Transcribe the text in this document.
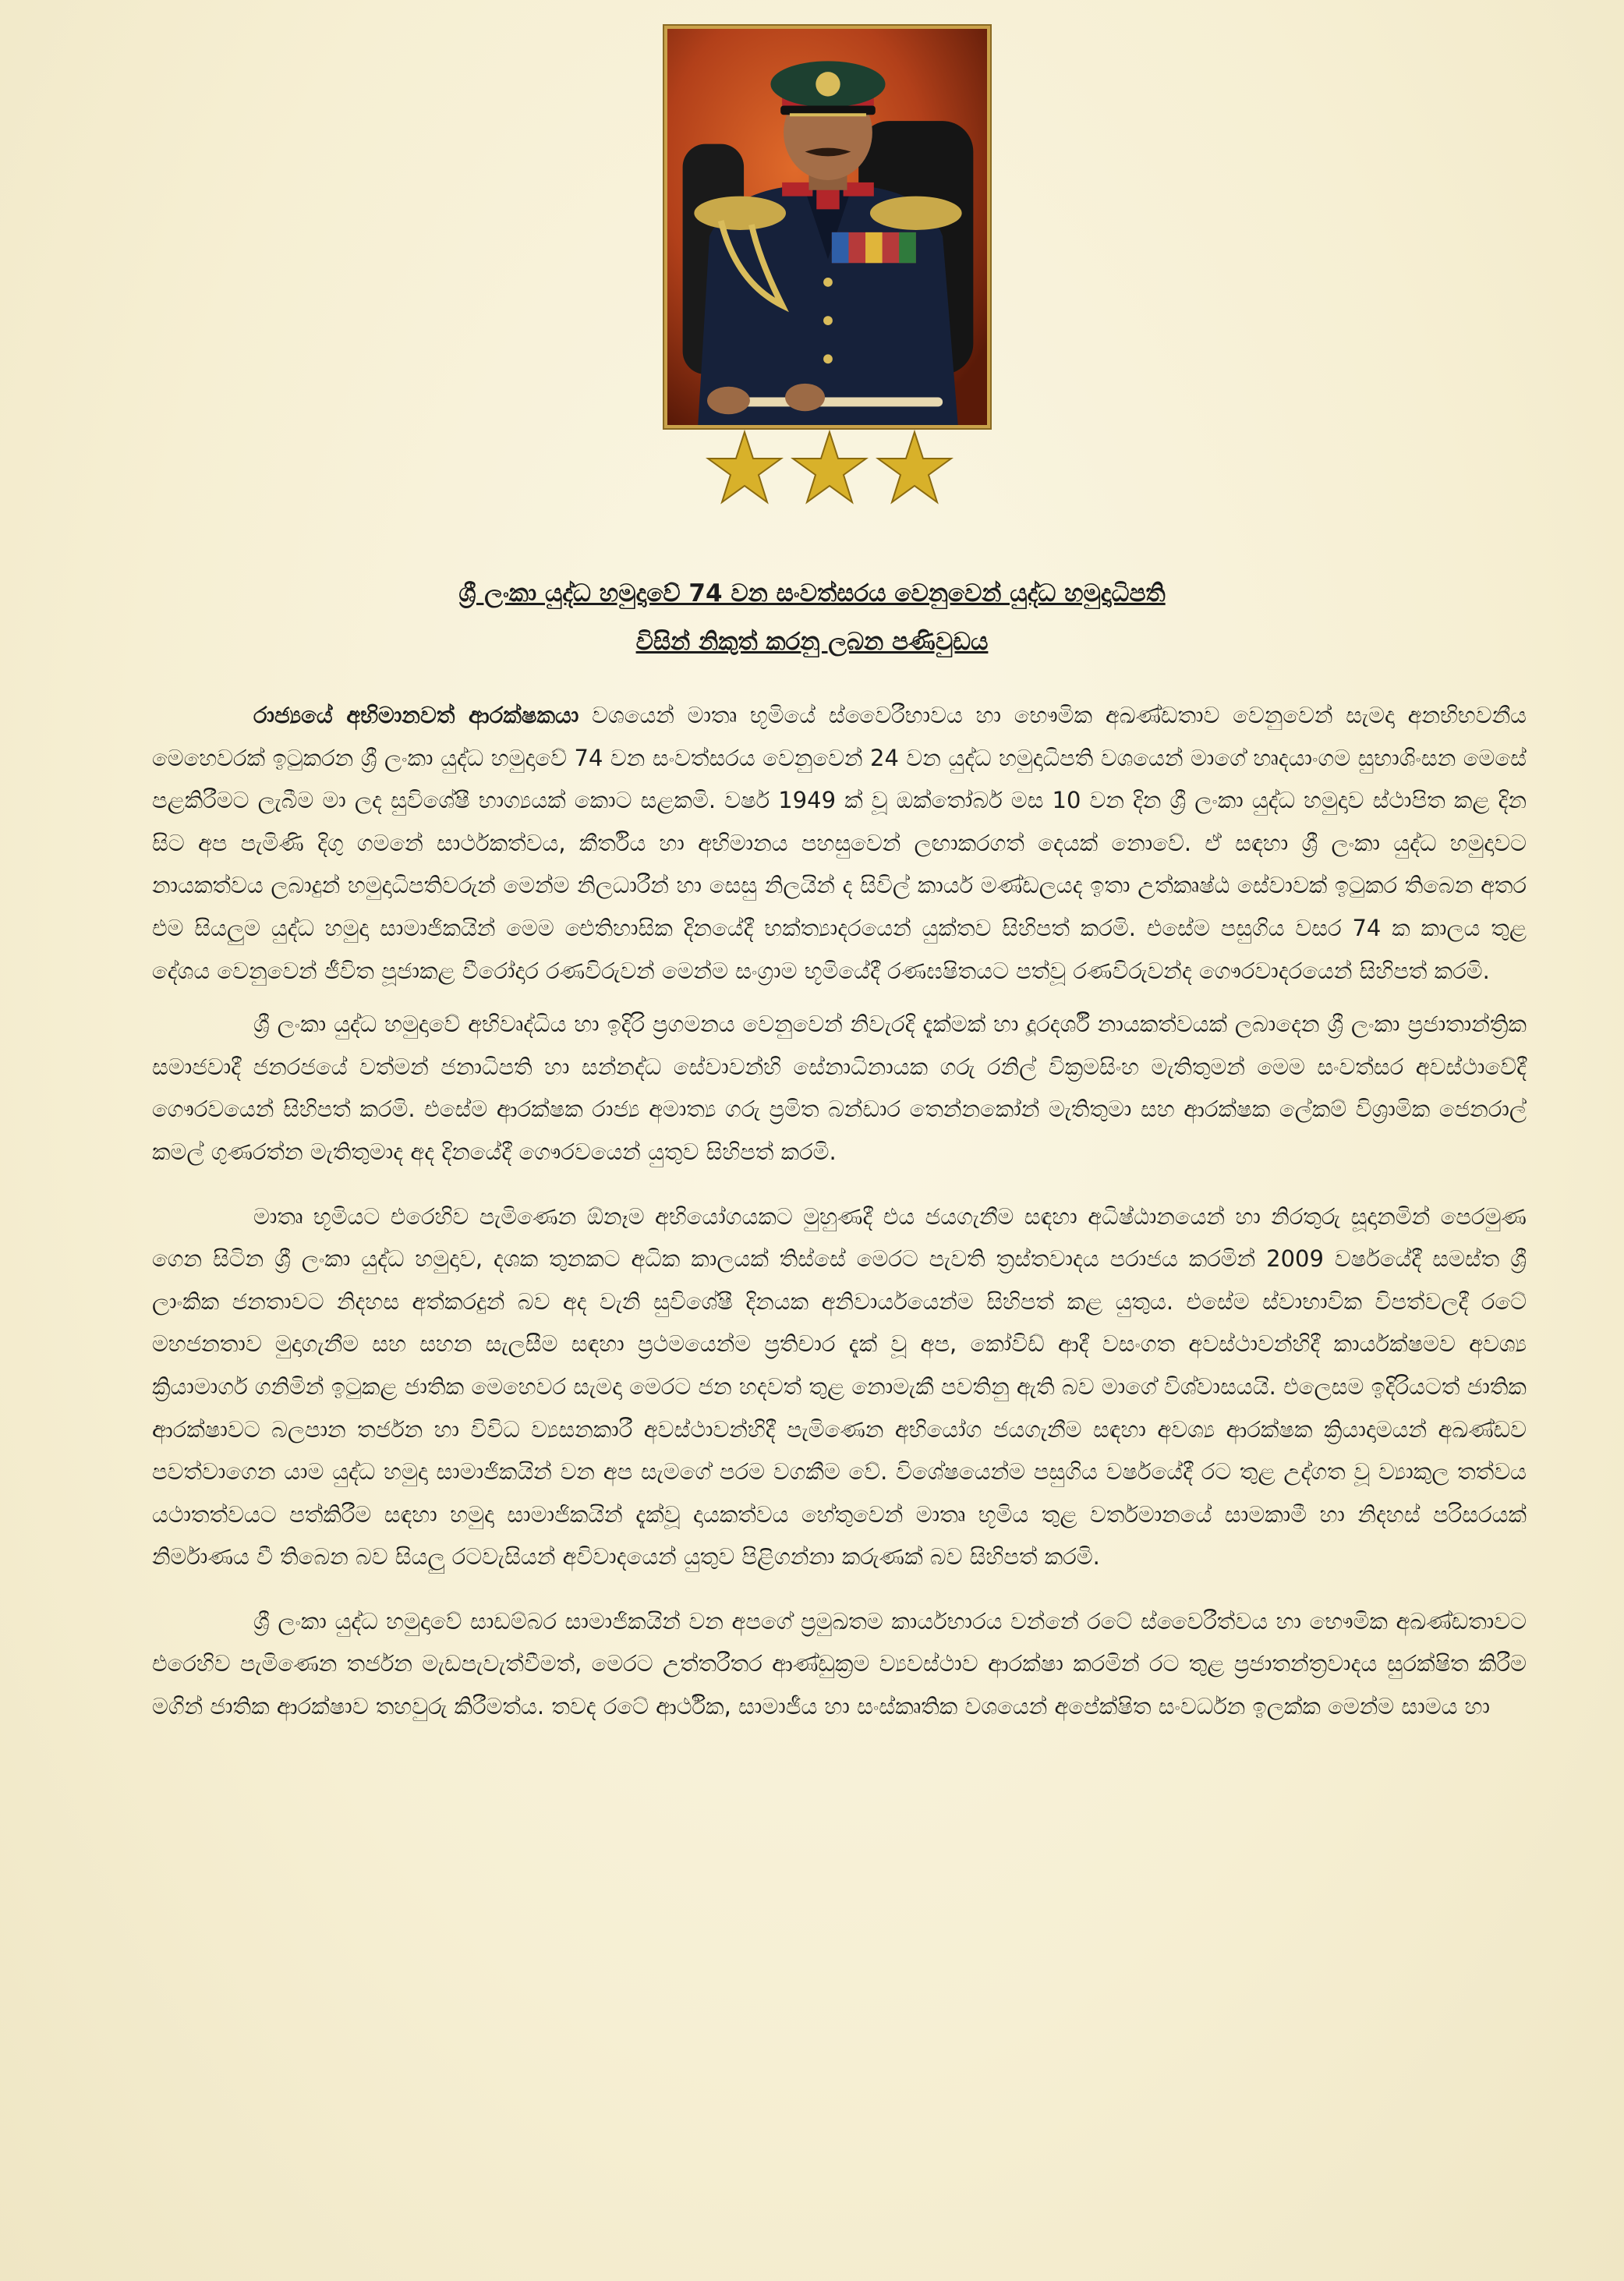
ශ්‍රී ලංකා යුද්ධ හමුදාවේ 74 වන සංවත්සරය වෙනුවෙන් යුද්ධ හමුදාධිපති
විසින් නිකුත් කරනු ලබන පණිවුඩය

රාජ්‍යයේ අභිමානවත් ආරක්ෂකයා වශයෙන් මාතෘ භූමියේ ස්වෛරීභාවය හා භෞමික අඛණ්ඩතාව වෙනුවෙන් සැමදා අනභිභවනීය මෙහෙවරක් ඉටුකරන ශ්‍රී ලංකා යුද්ධ හමුදාවේ 74 වන සංවත්සරය වෙනුවෙන් 24 වන යුද්ධ හමුදාධිපති වශයෙන් මාගේ හෘදයාංගම සුභාශිංසන මෙසේ පළකිරීමට ලැබීම මා ලද සුවිශේෂී භාග්‍යයක් කොට සළකමි. වර්ෂ 1949 ක් වූ ඔක්තෝබර් මස 10 වන දින ශ්‍රී ලංකා යුද්ධ හමුදාව ස්ථාපිත කළ දින සිට අප පැමිණි දිගු ගමනේ සාර්ථකත්වය, කීර්තිය හා අභිමානය පහසුවෙන් ලඟාකරගත් දෙයක් නොවේ. ඒ සඳහා ශ්‍රී ලංකා යුද්ධ හමුදාවට නායකත්වය ලබාදුන් හමුදාධිපතිවරුන් මෙන්ම නිලධාරීන් හා සෙසු නිලයින් ද සිවිල් කාර්ය මණ්ඩලයද ඉතා උත්කෘෂ්ඨ සේවාවක් ඉටුකර තිබෙන අතර එම සියලුම යුද්ධ හමුදා සාමාජිකයින් මෙම ඓතිහාසික දිනයේදී භක්ත්‍යාදරයෙන් යුක්තව සිහිපත් කරමි. එසේම පසුගිය වසර 74 ක කාලය තුළ දේශය වෙනුවෙන් ජීවිත පූජාකළ වීරෝදාර රණවිරුවන් මෙන්ම සංග්‍රාම භූමියේදී රණඝෂිතයට පත්වූ රණවිරුවන්ද ගෞරවාදරයෙන් සිහිපත් කරමි.

ශ්‍රී ලංකා යුද්ධ හමුදාවේ අභිවෘද්ධිය හා ඉදිරි ප්‍රගමනය වෙනුවෙන් නිවැරදි දැක්මක් හා දූරදර්ශී නායකත්වයක් ලබාදෙන ශ්‍රී ලංකා ප්‍රජාතාන්ත්‍රික සමාජවාදී ජනරජයේ වත්මන් ජනාධිපති හා සන්නද්ධ සේවාවන්හි සේනාධිනායක ගරු රනිල් වික්‍රමසිංහ මැතිතුමන් මෙම සංවත්සර අවස්ථාවේදී ගෞරවයෙන් සිහිපත් කරමි. එසේම ආරක්ෂක රාජ්‍ය අමාත්‍ය ගරු ප්‍රමිත බන්ඩාර තෙන්නකෝන් මැතිතුමා සහ ආරක්ෂක ලේකම් විශ්‍රාමික ජෙනරාල් කමල් ගුණරත්න මැතිතුමාද අද දිනයේදී ගෞරවයෙන් යුතුව සිහිපත් කරමි.

මාතෘ භූමියට එරෙහිව පැමිණෙන ඕනෑම අභියෝගයකට මුහුණදී එය ජයගැනීම සඳහා අධිෂ්ඨානයෙන් හා නිරතුරු සූදානමින් පෙරමුණ ගෙන සිටින ශ්‍රී ලංකා යුද්ධ හමුදාව, දශක තුනකට අධික කාලයක් තිස්සේ මෙරට පැවති ත්‍රස්තවාදය පරාජය කරමින් 2009 වර්ෂයේදී සමස්ත ශ්‍රී ලාංකික ජනතාවට නිදහස අත්කරදුන් බව අද වැනි සුවිශේෂී දිනයක අනිවාර්යයෙන්ම සිහිපත් කළ යුතුය. එසේම ස්වාභාවික විපත්වලදී රටේ මහජනතාව මුදාගැනීම සහ සහන සැලසීම සඳහා ප්‍රථමයෙන්ම ප්‍රතිචාර දැක් වූ අප, කෝවිඩ් ආදී වසංගත අවස්ථාවන්හිදී කාර්යක්ෂමව අවශ්‍ය ක්‍රියාමාර්ග ගනිමින් ඉටුකළ ජාතික මෙහෙවර සැමදා මෙරට ජන හදවත් තුළ නොමැකී පවතිනු ඇති බව මාගේ විශ්වාසයයි. එලෙසම ඉදිරියටත් ජාතික ආරක්ෂාවට බලපාන තර්ජන හා විවිධ ව්‍යසනකාරී අවස්ථාවන්හිදී පැමිණෙන අභියෝග ජයගැනීම සඳහා අවශ්‍ය ආරක්ෂක ක්‍රියාදාමයන් අඛණ්ඩව පවත්වාගෙන යාම යුද්ධ හමුදා සාමාජිකයින් වන අප සැමගේ පරම වගකීම වේ. විශේෂයෙන්ම පසුගිය වර්ෂයේදී රට තුළ උද්ගත වූ ව්‍යාකුල තත්වය යථාතත්වයට පත්කිරීම සඳහා හමුදා සාමාජිකයින් දැක්වූ දායකත්වය හේතුවෙන් මාතෘ භූමිය තුළ වර්තමානයේ සාමකාමී හා නිදහස් පරිසරයක් නිර්මාණය වී තිබෙන බව සියලු රටවැසියන් අවිවාදයෙන් යුතුව පිළිගන්නා කරුණක් බව සිහිපත් කරමි.

ශ්‍රී ලංකා යුද්ධ හමුදාවේ සාඩම්බර සාමාජිකයින් වන අපගේ ප්‍රමුඛතම කාර්යභාරය වන්නේ රටේ ස්වෛරීත්වය හා භෞමික අඛණ්ඩතාවට එරෙහිව පැමිණෙන තර්ජන මැඩපැවැත්වීමත්, මෙරට උත්තරීතර ආණ්ඩුක්‍රම ව්‍යවස්ථාව ආරක්ෂා කරමින් රට තුළ ප්‍රජාතන්ත්‍රවාදය සුරක්ෂිත කිරීම මගින් ජාතික ආරක්ෂාව තහවුරු කිරීමත්ය. තවද රටේ ආර්ථික, සාමාජීය හා සංස්කෘතික වශයෙන් අපේක්ෂිත සංවර්ධන ඉලක්ක මෙන්ම සාමය හා
